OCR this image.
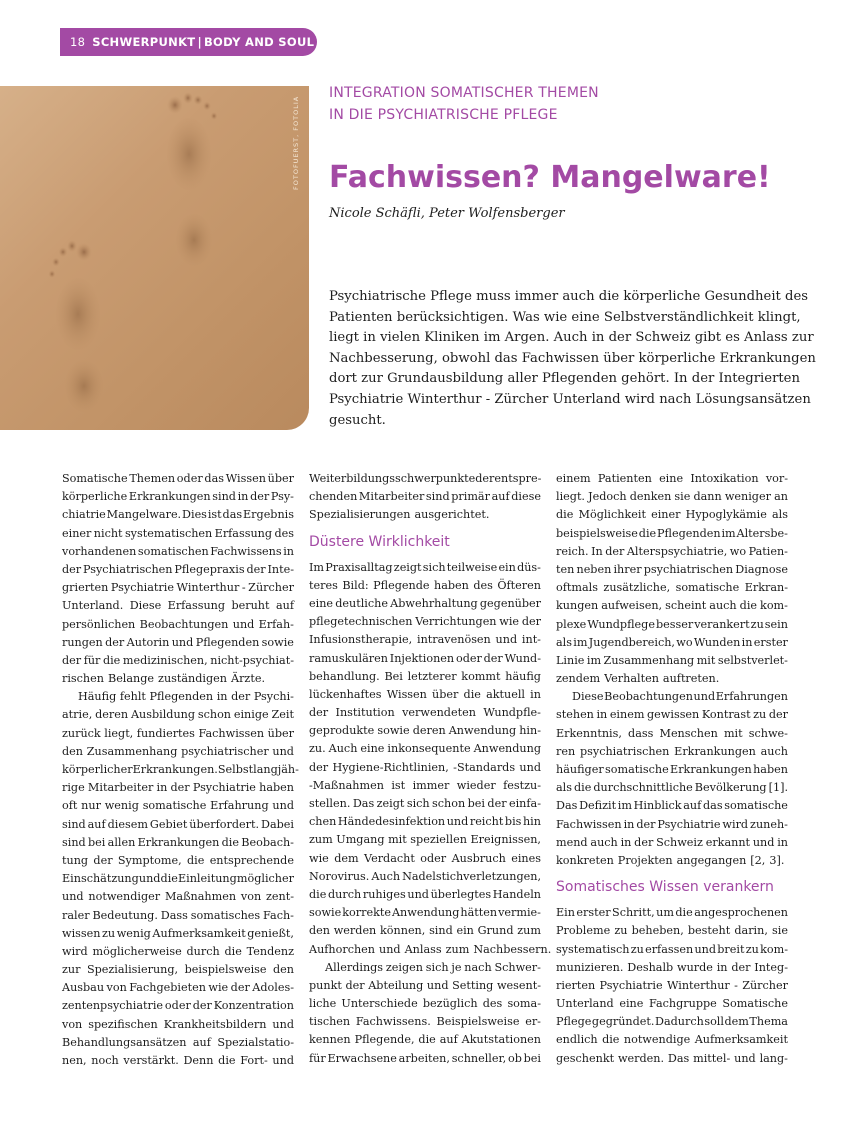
18 SCHWERPUNKT | BODY AND SOUL
FOTOFUERST, FOTOLIA
INTEGRATION SOMATISCHER THEMEN
IN DIE PSYCHIATRISCHE PFLEGE
Fachwissen? Mangelware!
Nicole Schäfli, Peter Wolfensberger
Psychiatrische Pflege muss immer auch die körperliche Gesundheit des
Patienten berücksichtigen. Was wie eine Selbstverständlichkeit klingt,
liegt in vielen Kliniken im Argen. Auch in der Schweiz gibt es Anlass zur
Nachbesserung, obwohl das Fachwissen über körperliche Erkrankungen
dort zur Grundausbildung aller Pflegenden gehört. In der Integrierten
Psychiatrie Winterthur - Zürcher Unterland wird nach Lösungsansätzen
gesucht.
Somatische Themen oder das Wissen über
körperliche Erkrankungen sind in der Psy-
chiatrie Mangelware. Dies ist das Ergebnis
einer nicht systematischen Erfassung des
vorhandenen somatischen Fachwissens in
der Psychiatrischen Pflegepraxis der Inte-
grierten Psychiatrie Winterthur - Zürcher
Unterland. Diese Erfassung beruht auf
persönlichen Beobachtungen und Erfah-
rungen der Autorin und Pflegenden sowie
der für die medizinischen, nicht-psychiat-
rischen Belange zuständigen Ärzte.
Häufig fehlt Pflegenden in der Psychi-
atrie, deren Ausbildung schon einige Zeit
zurück liegt, fundiertes Fachwissen über
den Zusammenhang psychiatrischer und
körperlicher Erkrankungen. Selbst langjäh-
rige Mitarbeiter in der Psychiatrie haben
oft nur wenig somatische Erfahrung und
sind auf diesem Gebiet überfordert. Dabei
sind bei allen Erkrankungen die Beobach-
tung der Symptome, die entsprechende
Einschätzung und die Einleitung möglicher
und notwendiger Maßnahmen von zent-
raler Bedeutung. Dass somatisches Fach-
wissen zu wenig Aufmerksamkeit genießt,
wird möglicherweise durch die Tendenz
zur Spezialisierung, beispielsweise den
Ausbau von Fachgebieten wie der Adoles-
zentenpsychiatrie oder der Konzentration
von spezifischen Krankheitsbildern und
Behandlungsansätzen auf Spezialstatio-
nen, noch verstärkt. Denn die Fort- und
Weiterbildungsschwerpunkte der entspre-
chenden Mitarbeiter sind primär auf diese
Spezialisierungen ausgerichtet.
Düstere Wirklichkeit
Im Praxisalltag zeigt sich teilweise ein düs-
teres Bild: Pflegende haben des Öfteren
eine deutliche Abwehrhaltung gegenüber
pflegetechnischen Verrichtungen wie der
Infusionstherapie, intravenösen und int-
ramuskulären Injektionen oder der Wund-
behandlung. Bei letzterer kommt häufig
lückenhaftes Wissen über die aktuell in
der Institution verwendeten Wundpfle-
geprodukte sowie deren Anwendung hin-
zu. Auch eine inkonsequente Anwendung
der Hygiene-Richtlinien, -Standards und
-Maßnahmen ist immer wieder festzu-
stellen. Das zeigt sich schon bei der einfa-
chen Händedesinfektion und reicht bis hin
zum Umgang mit speziellen Ereignissen,
wie dem Verdacht oder Ausbruch eines
Norovirus. Auch Nadelstichverletzungen,
die durch ruhiges und überlegtes Handeln
sowie korrekte Anwendung hätten vermie-
den werden können, sind ein Grund zum
Aufhorchen und Anlass zum Nachbessern.
Allerdings zeigen sich je nach Schwer-
punkt der Abteilung und Setting wesent-
liche Unterschiede bezüglich des soma-
tischen Fachwissens. Beispielsweise er-
kennen Pflegende, die auf Akutstationen
für Erwachsene arbeiten, schneller, ob bei
einem Patienten eine Intoxikation vor-
liegt. Jedoch denken sie dann weniger an
die Möglichkeit einer Hypoglykämie als
beispielsweise die Pflegenden im Altersbe-
reich. In der Alterspsychiatrie, wo Patien-
ten neben ihrer psychiatrischen Diagnose
oftmals zusätzliche, somatische Erkran-
kungen aufweisen, scheint auch die kom-
plexe Wundpflege besser verankert zu sein
als im Jugendbereich, wo Wunden in erster
Linie im Zusammenhang mit selbstverlet-
zendem Verhalten auftreten.
Diese Beobachtungen und Erfahrungen
stehen in einem gewissen Kontrast zu der
Erkenntnis, dass Menschen mit schwe-
ren psychiatrischen Erkrankungen auch
häufiger somatische Erkrankungen haben
als die durchschnittliche Bevölkerung [1].
Das Defizit im Hinblick auf das somatische
Fachwissen in der Psychiatrie wird zuneh-
mend auch in der Schweiz erkannt und in
konkreten Projekten angegangen [2, 3].
Somatisches Wissen verankern
Ein erster Schritt, um die angesprochenen
Probleme zu beheben, besteht darin, sie
systematisch zu erfassen und breit zu kom-
munizieren. Deshalb wurde in der Integ-
rierten Psychiatrie Winterthur - Zürcher
Unterland eine Fachgruppe Somatische
Pflege gegründet. Dadurch soll dem Thema
endlich die notwendige Aufmerksamkeit
geschenkt werden. Das mittel- und lang-
